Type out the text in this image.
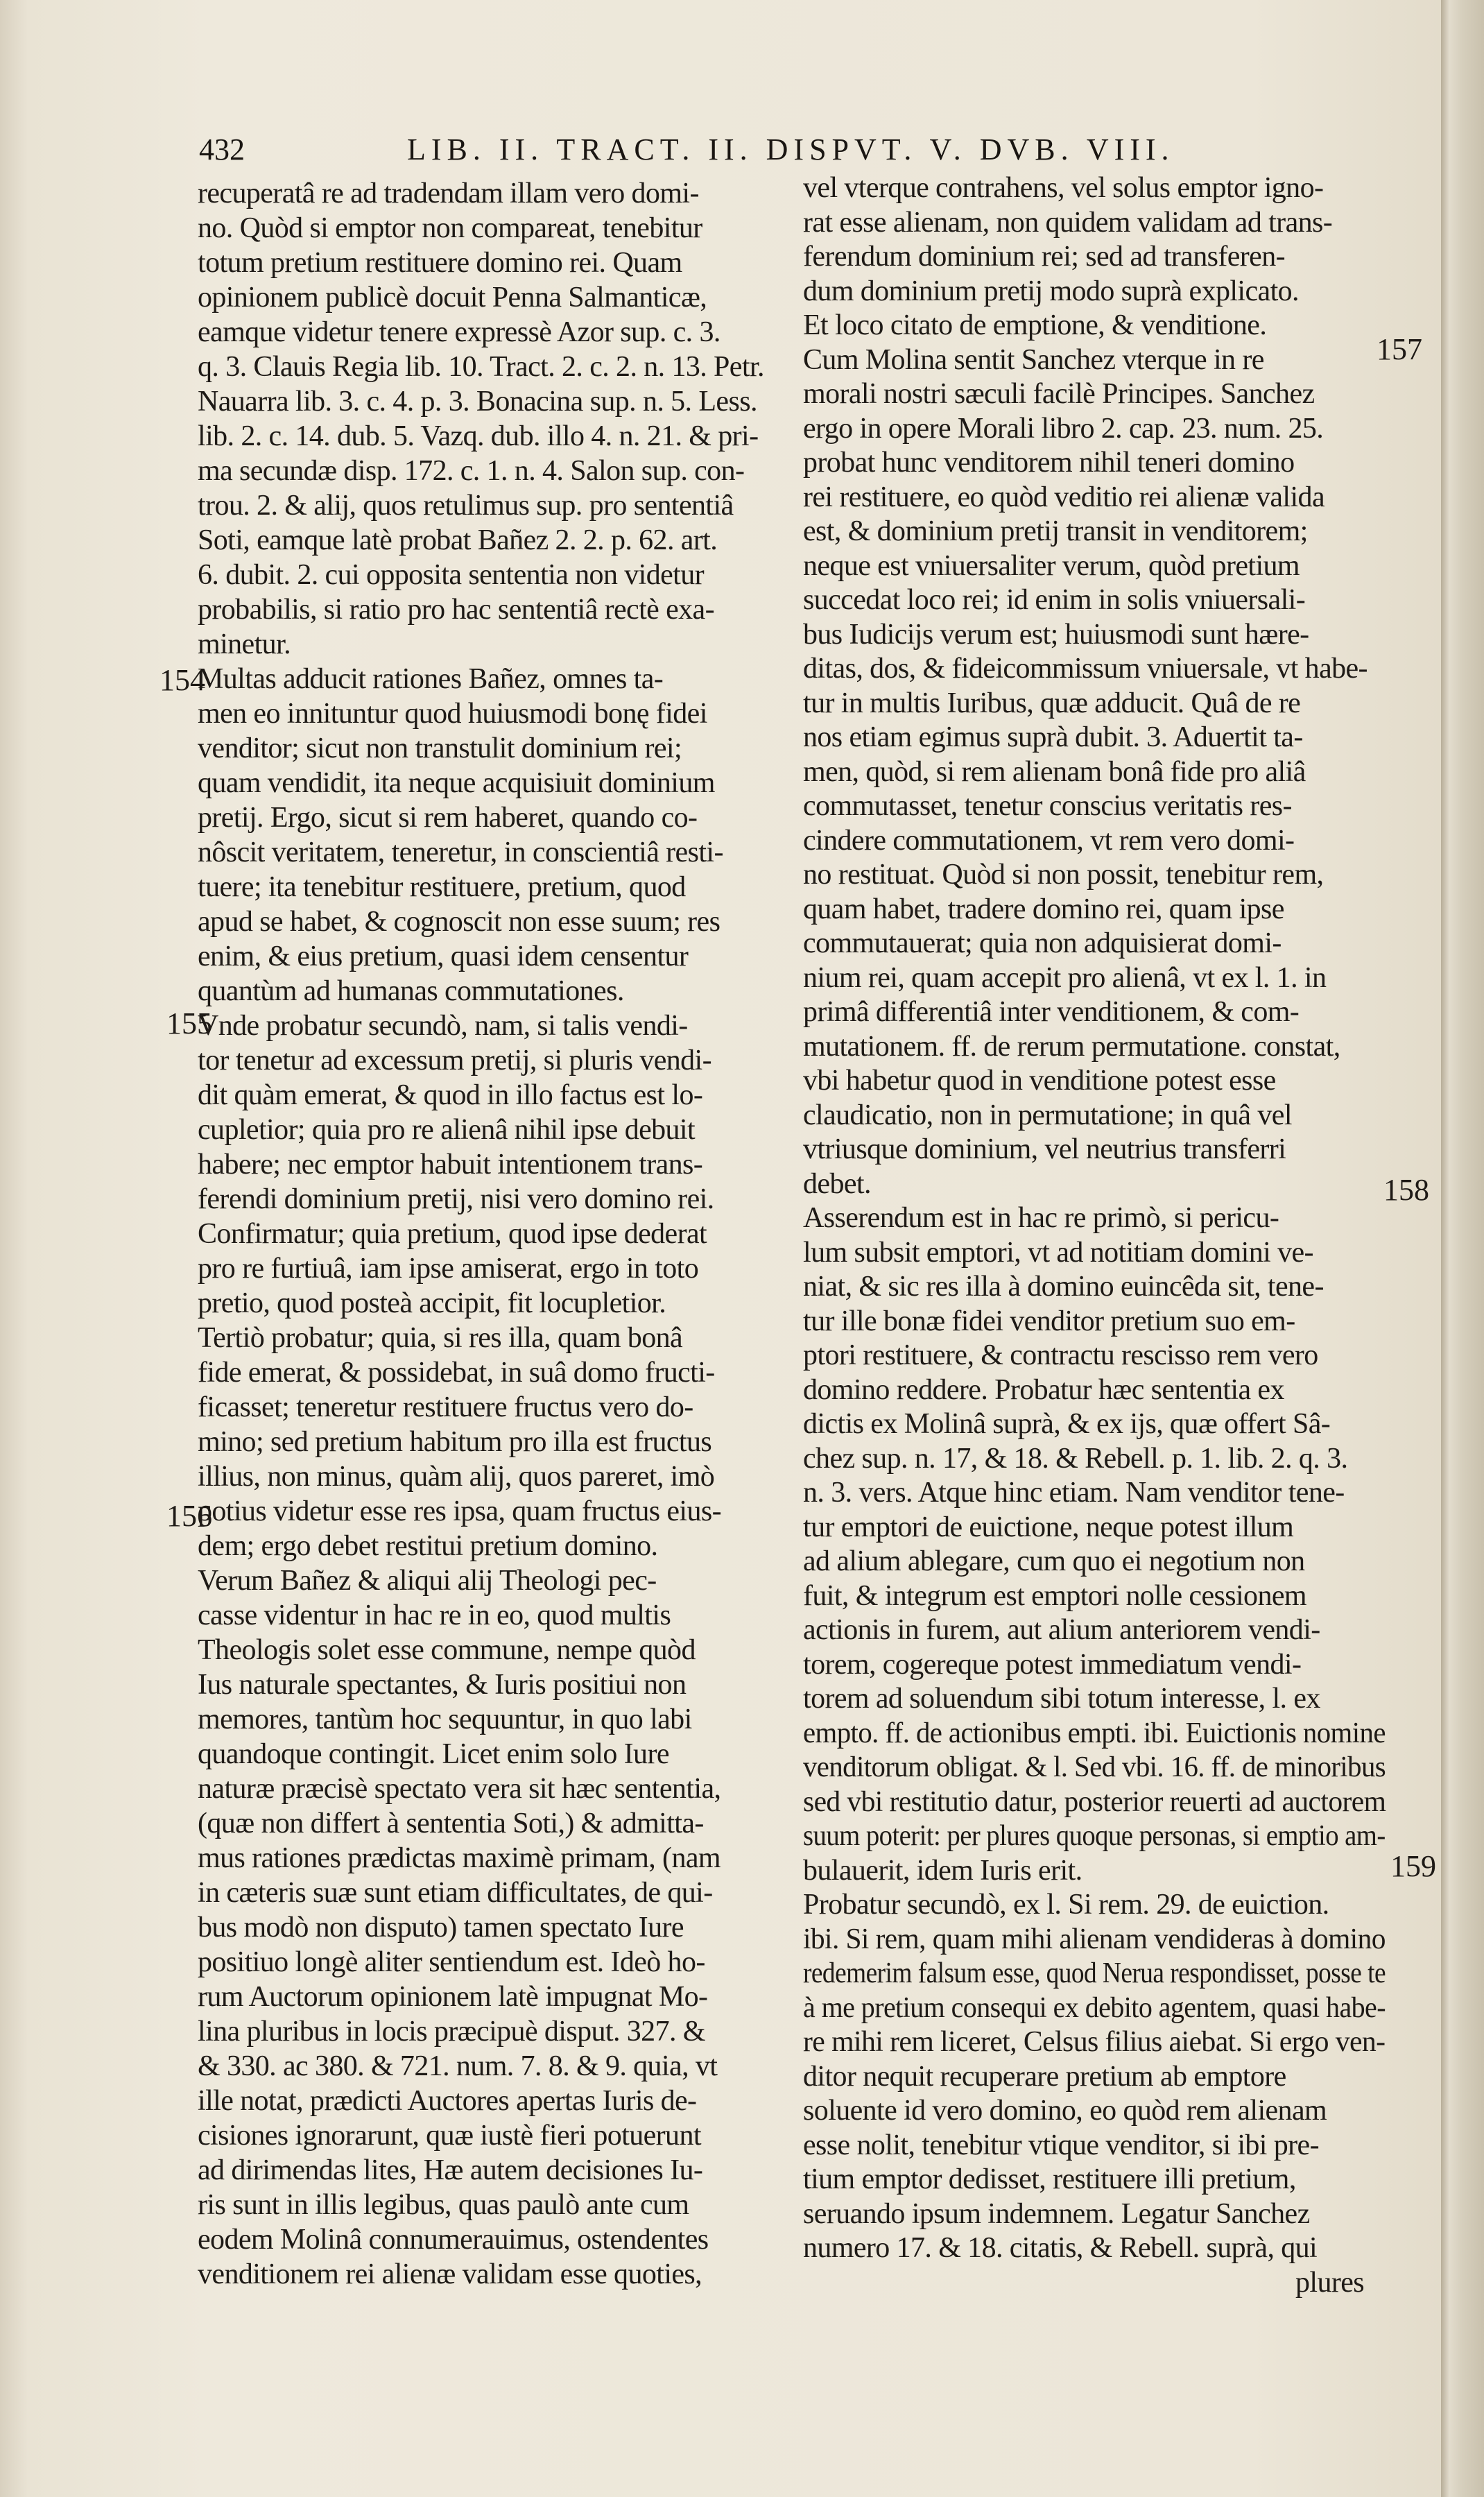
432	LIB. II. TRACT. II. DISPVT. V. DVB. VIII.
recuperatâ re ad tradendam illam vero domi-
no. Quòd si emptor non compareat, tenebitur
totum pretium restituere domino rei. Quam
opinionem publicè docuit Penna Salmanticæ,
eamque videtur tenere expressè Azor sup. c. 3.
q. 3. Clauis Regia lib. 10. Tract. 2. c. 2. n. 13. Petr.
Nauarra lib. 3. c. 4. p. 3. Bonacina sup. n. 5. Less.
lib. 2. c. 14. dub. 5. Vazq. dub. illo 4. n. 21. & pri-
ma secundæ disp. 172. c. 1. n. 4. Salon sup. con-
trou. 2. & alij, quos retulimus sup. pro sententiâ
Soti, eamque latè probat Bañez 2. 2. p. 62. art.
6. dubit. 2. cui opposita sententia non videtur
probabilis, si ratio pro hac sententiâ rectè exa-
minetur.
Multas adducit rationes Bañez, omnes ta-
men eo innituntur quod huiusmodi bonę fidei
venditor; sicut non transtulit dominium rei;
quam vendidit, ita neque acquisiuit dominium
pretij. Ergo, sicut si rem haberet, quando co-
nôscit veritatem, teneretur, in conscientiâ resti-
tuere; ita tenebitur restituere, pretium, quod
apud se habet, & cognoscit non esse suum; res
enim, & eius pretium, quasi idem censentur
quantùm ad humanas commutationes.
Vnde probatur secundò, nam, si talis vendi-
tor tenetur ad excessum pretij, si pluris vendi-
dit quàm emerat, & quod in illo factus est lo-
cupletior; quia pro re alienâ nihil ipse debuit
habere; nec emptor habuit intentionem trans-
ferendi dominium pretij, nisi vero domino rei.
Confirmatur; quia pretium, quod ipse dederat
pro re furtiuâ, iam ipse amiserat, ergo in toto
pretio, quod posteà accipit, fit locupletior.
Tertiò probatur; quia, si res illa, quam bonâ
fide emerat, & possidebat, in suâ domo fructi-
ficasset; teneretur restituere fructus vero do-
mino; sed pretium habitum pro illa est fructus
illius, non minus, quàm alij, quos pareret, imò
potius videtur esse res ipsa, quam fructus eius-
dem; ergo debet restitui pretium domino.
Verum Bañez & aliqui alij Theologi pec-
casse videntur in hac re in eo, quod multis
Theologis solet esse commune, nempe quòd
Ius naturale spectantes, & Iuris positiui non
memores, tantùm hoc sequuntur, in quo labi
quandoque contingit. Licet enim solo Iure
naturæ præcisè spectato vera sit hæc sententia,
(quæ non differt à sententia Soti,) & admitta-
mus rationes prædictas maximè primam, (nam
in cæteris suæ sunt etiam difficultates, de qui-
bus modò non disputo) tamen spectato Iure
positiuo longè aliter sentiendum est. Ideò ho-
rum Auctorum opinionem latè impugnat Mo-
lina pluribus in locis præcipuè disput. 327. &
& 330. ac 380. & 721. num. 7. 8. & 9. quia, vt
ille notat, prædicti Auctores apertas Iuris de-
cisiones ignorarunt, quæ iustè fieri potuerunt
ad dirimendas lites, Hæ autem decisiones Iu-
ris sunt in illis legibus, quas paulò ante cum
eodem Molinâ connumerauimus, ostendentes
venditionem rei alienæ validam esse quoties,
vel vterque contrahens, vel solus emptor igno-
rat esse alienam, non quidem validam ad trans-
ferendum dominium rei; sed ad transferen-
dum dominium pretij modo suprà explicato.
Et loco citato de emptione, & venditione.
Cum Molina sentit Sanchez vterque in re
morali nostri sæculi facilè Principes. Sanchez
ergo in opere Morali libro 2. cap. 23. num. 25.
probat hunc venditorem nihil teneri domino
rei restituere, eo quòd veditio rei alienæ valida
est, & dominium pretij transit in venditorem;
neque est vniuersaliter verum, quòd pretium
succedat loco rei; id enim in solis vniuersali-
bus Iudicijs verum est; huiusmodi sunt hære-
ditas, dos, & fideicommissum vniuersale, vt habe-
tur in multis Iuribus, quæ adducit. Quâ de re
nos etiam egimus suprà dubit. 3. Aduertit ta-
men, quòd, si rem alienam bonâ fide pro aliâ
commutasset, tenetur conscius veritatis res-
cindere commutationem, vt rem vero domi-
no restituat. Quòd si non possit, tenebitur rem,
quam habet, tradere domino rei, quam ipse
commutauerat; quia non adquisierat domi-
nium rei, quam accepit pro alienâ, vt ex l. 1. in
primâ differentiâ inter venditionem, & com-
mutationem. ff. de rerum permutatione. constat,
vbi habetur quod in venditione potest esse
claudicatio, non in permutatione; in quâ vel
vtriusque dominium, vel neutrius transferri
debet.
Asserendum est in hac re primò, si pericu-
lum subsit emptori, vt ad notitiam domini ve-
niat, & sic res illa à domino euincêda sit, tene-
tur ille bonæ fidei venditor pretium suo em-
ptori restituere, & contractu rescisso rem vero
domino reddere. Probatur hæc sententia ex
dictis ex Molinâ suprà, & ex ijs, quæ offert Sâ-
chez sup. n. 17, & 18. & Rebell. p. 1. lib. 2. q. 3.
n. 3. vers. Atque hinc etiam. Nam venditor tene-
tur emptori de euictione, neque potest illum
ad alium ablegare, cum quo ei negotium non
fuit, & integrum est emptori nolle cessionem
actionis in furem, aut alium anteriorem vendi-
torem, cogereque potest immediatum vendi-
torem ad soluendum sibi totum interesse, l. ex
empto. ff. de actionibus empti. ibi. Euictionis nomine
venditorum obligat. & l. Sed vbi. 16. ff. de minoribus
sed vbi restitutio datur, posterior reuerti ad auctorem
suum poterit: per plures quoque personas, si emptio am-
bulauerit, idem Iuris erit.
Probatur secundò, ex l. Si rem. 29. de euiction.
ibi. Si rem, quam mihi alienam vendideras à domino
redemerim falsum esse, quod Nerua respondisset, posse te
à me pretium consequi ex debito agentem, quasi habe-
re mihi rem liceret, Celsus filius aiebat. Si ergo ven-
ditor nequit recuperare pretium ab emptore
soluente id vero domino, eo quòd rem alienam
esse nolit, tenebitur vtique venditor, si ibi pre-
tium emptor dedisset, restituere illi pretium,
seruando ipsum indemnem. Legatur Sanchez
numero 17. & 18. citatis, & Rebell. suprà, qui
plures
154
155
156
157
158
159
